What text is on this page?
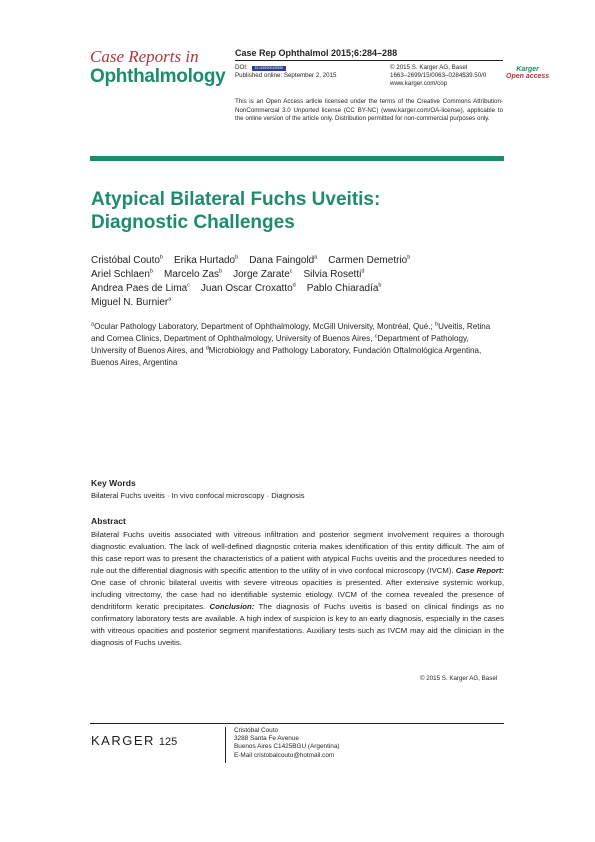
Case Reports in
Ophthalmology
Case Rep Ophthalmol 2015;6:284–288
DOI:	10.1159/000439356
Published online: September 2, 2015
© 2015 S. Karger AG, Basel
1663–2699/15/0063–0284$39.50/0
www.karger.com/cop
Karger
Open access
This is an Open Access article licensed under the terms of the Creative Commons Attribution-NonCommercial 3.0 Unported license (CC BY-NC) (www.karger.com/OA-license), applicable to the online version of the article only. Distribution permitted for non-commercial purposes only.
Atypical Bilateral Fuchs Uveitis:
Diagnostic Challenges
Cristóbal Couto$^b$ Erika Hurtado$^b$ Dana Faingold$^a$ Carmen Demetrio$^b$
Ariel Schlaen$^b$ Marcelo Zas$^b$ Jorge Zarate$^c$ Silvia Rosetti$^d$
Andrea Paes de Lima$^c$ Juan Oscar Croxatto$^d$ Pablo Chiaradía$^b$
Miguel N. Burnier$^a$
$^a$Ocular Pathology Laboratory, Department of Ophthalmology, McGill University, Montréal, Qué.; $^b$Uveitis, Retina and Cornea Clinics, Department of Ophthalmology, University of Buenos Aires, $^c$Department of Pathology, University of Buenos Aires, and $^d$Microbiology and Pathology Laboratory, Fundación Oftalmológica Argentina, Buenos Aires, Argentina
Key Words
Bilateral Fuchs uveitis · In vivo confocal microscopy · Diagnosis
Abstract

Bilateral Fuchs uveitis associated with vitreous infiltration and posterior segment involvement requires a thorough diagnostic evaluation. The lack of well-defined diagnostic criteria makes identification of this entity difficult. The aim of this case report was to present the characteristics of a patient with atypical Fuchs uveitis and the procedures needed to rule out the differential diagnosis with specific attention to the utility of in vivo confocal microscopy (IVCM). Case Report: One case of chronic bilateral uveitis with severe vitreous opacities is presented. After extensive systemic workup, including vitrectomy, the case had no identifiable systemic etiology. IVCM of the cornea revealed the presence of dendritiform keratic precipitates. Conclusion: The diagnosis of Fuchs uveitis is based on clinical findings as no confirmatory laboratory tests are available. A high index of suspicion is key to an early diagnosis, especially in the cases with vitreous opacities and posterior segment manifestations. Auxiliary tests such as IVCM may aid the clinician in the diagnosis of Fuchs uveitis.

© 2015 S. Karger AG, Basel
KARGER 125
Cristóbal Couto
3288 Santa Fe Avenue
Buenos Aires C1425BGU (Argentina)
E-Mail cristobalcouto@hotmail.com
